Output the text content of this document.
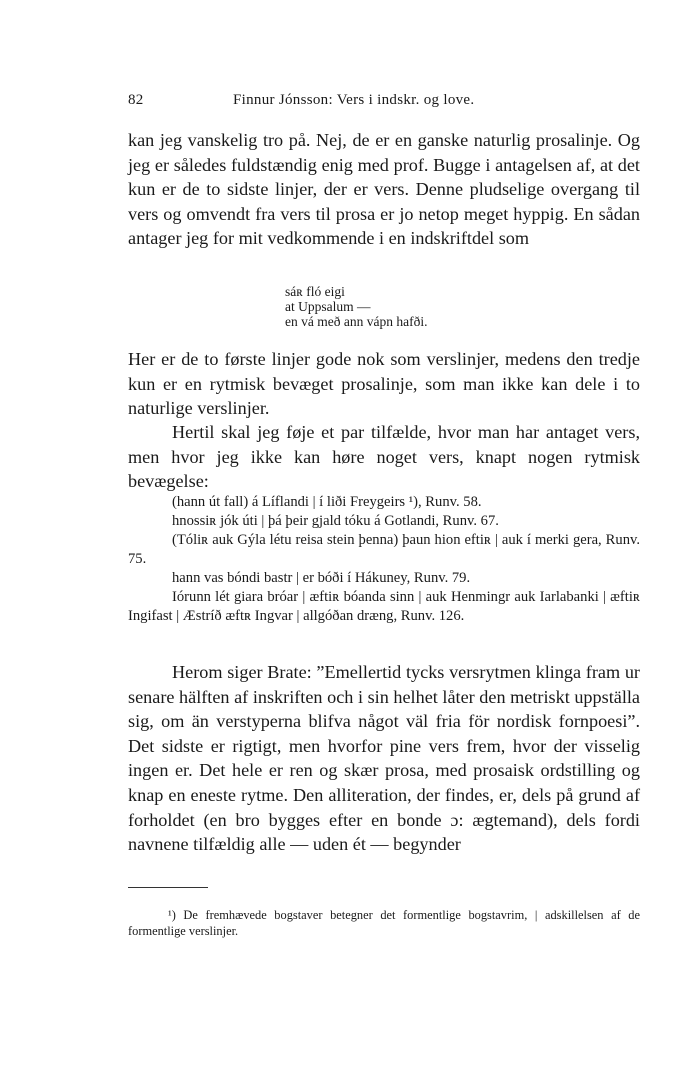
82	Finnur Jónsson: Vers i indskr. og love.

kan jeg vanskelig tro på. Nej, de er en ganske naturlig prosalinje. Og jeg er således fuldstændig enig med prof. Bugge i antagelsen af, at det kun er de to sidste linjer, der er vers. Denne pludselige overgang til vers og omvendt fra vers til prosa er jo netop meget hyppig. En sådan antager jeg for mit vedkommende i en indskriftdel som

sáʀ fló eigi
at Uppsalum —
en vá með ann vápn hafði.

Her er de to første linjer gode nok som verslinjer, medens den tredje kun er en rytmisk bevæget prosalinje, som man ikke kan dele i to naturlige verslinjer.

Hertil skal jeg føje et par tilfælde, hvor man har antaget vers, men hvor jeg ikke kan høre noget vers, knapt nogen rytmisk bevægelse:

(hann út fall) á Líflandi | í liði Freygeirs ¹), Runv. 58.
hnossiʀ jók úti | þá þeir gjald tóku á Gotlandi, Runv. 67.
(Tóliʀ auk Gýla létu reisa stein þenna) þaun hion eftiʀ | auk í merki gera, Runv. 75.
hann vas bóndi bastr | er bóði í Hákuney, Runv. 79.
Iórunn lét giara bróar | æftiʀ bóanda sinn | auk Henmingr auk Iarlabanki | æftiʀ Ingifast | Æstríð æftʀ Ingvar | allgóðan dræng, Runv. 126.

Herom siger Brate: ”Emellertid tycks versrytmen klinga fram ur senare hälften af inskriften och i sin helhet låter den metriskt uppställa sig, om än verstyperna blifva något väl fria för nordisk fornpoesi”. Det sidste er rigtigt, men hvorfor pine vers frem, hvor der visselig ingen er. Det hele er ren og skær prosa, med prosaisk ordstilling og knap en eneste rytme. Den alliteration, der findes, er, dels på grund af forholdet (en bro bygges efter en bonde ɔ: ægtemand), dels fordi navnene tilfældig alle — uden ét — begynder

¹) De fremhævede bogstaver betegner det formentlige bogstavrim, | adskillelsen af de formentlige verslinjer.
